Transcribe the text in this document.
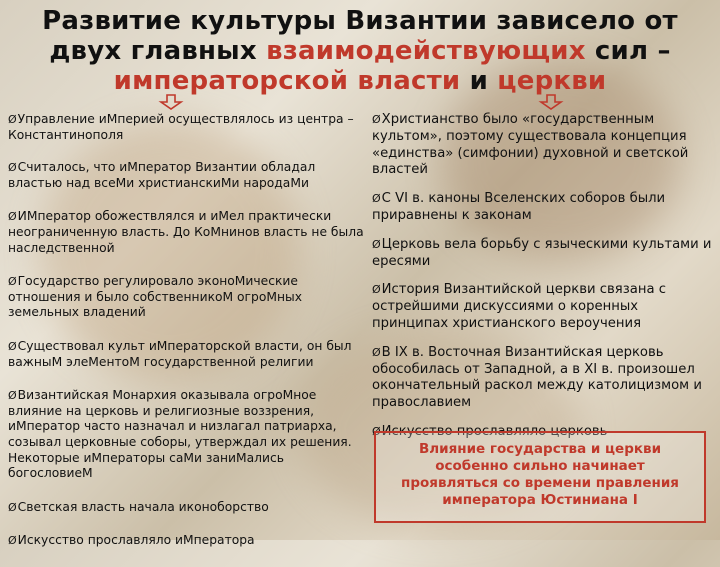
Развитие культуры Византии зависело от двух главных взаимодействующих сил – императорской власти и церкви
ØУправление иMперией осуществлялось из центра – Константинополя
ØСчиталось, что иMператор Византии обладал властью над всеMи христианскиMи народаMи
ØИMператор обожествлялся и иMел практически неограниченную власть. До КоMнинов власть не была наследственной
ØГосударство регулировало эконоMические отношения и было собственникоM огроMных земельных владений
ØСуществовал культ иMператорской власти, он был важныM элеMентоM государственной религии
ØВизантийская Mонархия оказывала огроMное влияние на церковь и религиозные воззрения, иMператор часто назначал и низлагал патриарха, созывал церковные соборы, утверждал их решения. Некоторые иMператоры саMи заниMались богословиеM
ØСветская власть начала иконоборство
ØИскусство прославляло иMператора
ØХристианство было «государственным культом», поэтому существовала концепция «единства» (симфонии) духовной и светской властей
ØС VI в. каноны Вселенских соборов были приравнены к законам
ØЦерковь вела борьбу с языческими культами и ересями
ØИстория Византийской церкви связана с острейшими дискуссиями о коренных принципах христианского вероучения
ØВ IX в. Восточная Византийская церковь обособилась от Западной, а в XI в. произошел окончательный раскол между католицизмом и православием
ØИскусство прославляло церковь
Влияние государства и церкви особенно сильно начинает проявляться со времени правления императора Юстиниана I
